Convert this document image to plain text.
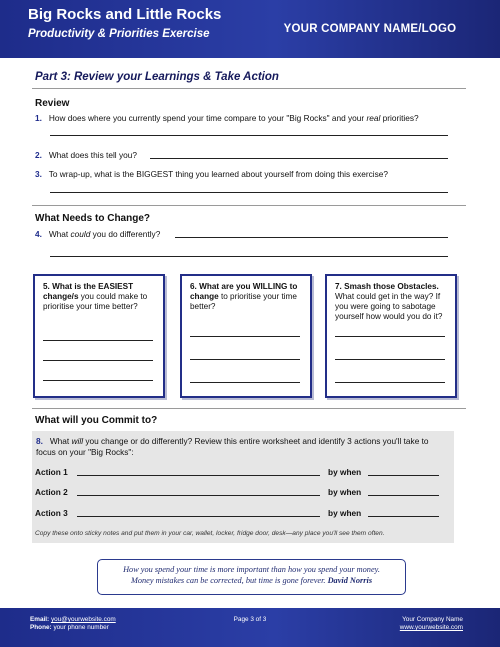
Big Rocks and Little Rocks
Productivity & Priorities Exercise	YOUR COMPANY NAME/LOGO
Part 3: Review your Learnings & Take Action
Review
1. How does where you currently spend your time compare to your "Big Rocks" and your real priorities?
2. What does this tell you?
3. To wrap-up, what is the BIGGEST thing you learned about yourself from doing this exercise?
What Needs to Change?
4. What could you do differently?
5. What is the EASIEST change/s you could make to prioritise your time better?
6. What are you WILLING to change to prioritise your time better?
7. Smash those Obstacles. What could get in the way? If you were going to sabotage yourself how would you do it?
What will you Commit to?
8. What will you change or do differently? Review this entire worksheet and identify 3 actions you'll take to focus on your "Big Rocks":
Action 1	by when
Action 2	by when
Action 3	by when
Copy these onto sticky notes and put them in your car, wallet, locker, fridge door, desk—any place you'll see them often.
How you spend your time is more important than how you spend your money.
Money mistakes can be corrected, but time is gone forever. David Norris
Email: you@yourwebsite.com
Phone: your phone number
Page 3 of 3	Your Company Name
www.yourwebsite.com
